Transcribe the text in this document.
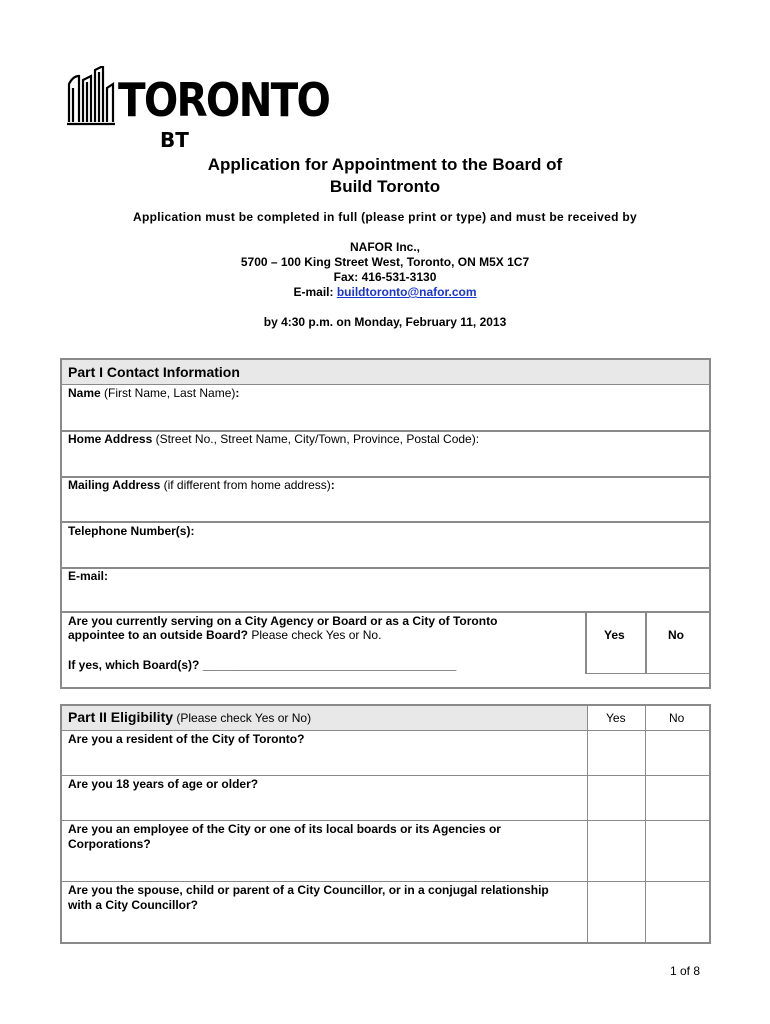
TORONTO
BT
Application for Appointment to the Board of
Build Toronto
Application must be completed in full (please print or type) and must be received by
NAFOR Inc.,
5700 – 100 King Street West, Toronto, ON M5X 1C7
Fax: 416-531-3130
E-mail: buildtoronto@nafor.com
by 4:30 p.m. on Monday, February 11, 2013
Part I Contact Information
Name (First Name, Last Name):
Home Address (Street No., Street Name, City/Town, Province, Postal Code):
Mailing Address (if different from home address):
Telephone Number(s):
E-mail:
Are you currently serving on a City Agency or Board or as a City of Toronto
appointee to an outside Board? Please check Yes or No.
If yes, which Board(s)? ______________________________________
Yes	No
Part II Eligibility (Please check Yes or No)	Yes	No
Are you a resident of the City of Toronto?
Are you 18 years of age or older?
Are you an employee of the City or one of its local boards or its Agencies or
Corporations?
Are you the spouse, child or parent of a City Councillor, or in a conjugal relationship
with a City Councillor?
1 of 8
